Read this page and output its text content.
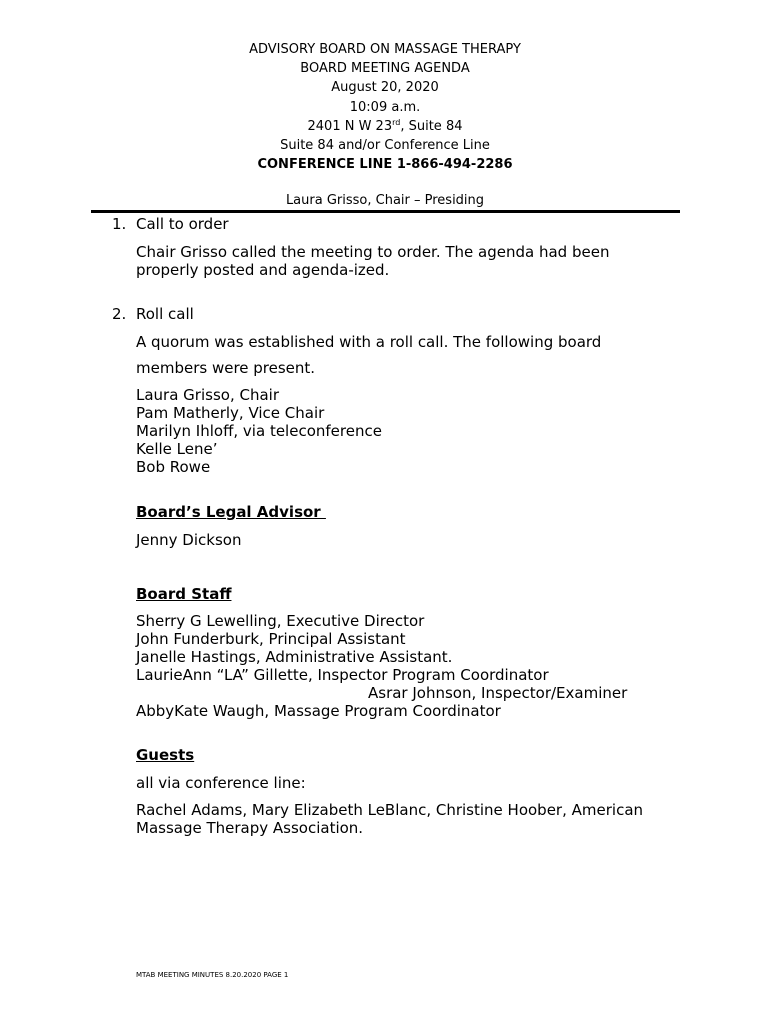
ADVISORY BOARD ON MASSAGE THERAPY
BOARD MEETING AGENDA
August 20, 2020
10:09 a.m.
2401 N W 23rd, Suite 84
Suite 84 and/or Conference Line
CONFERENCE LINE 1-866-494-2286
Laura Grisso, Chair – Presiding
1. Call to order
Chair Grisso called the meeting to order. The agenda had been
properly posted and agenda-ized.
2. Roll call
A quorum was established with a roll call. The following board
members were present.
Laura Grisso, Chair
Pam Matherly, Vice Chair
Marilyn Ihloff, via teleconference
Kelle Lene’
Bob Rowe
Board’s Legal Advisor
Jenny Dickson
Board Staff
Sherry G Lewelling, Executive Director
John Funderburk, Principal Assistant
Janelle Hastings, Administrative Assistant.
LaurieAnn “LA” Gillette, Inspector Program Coordinator
Asrar Johnson, Inspector/Examiner
AbbyKate Waugh, Massage Program Coordinator
Guests
all via conference line:
Rachel Adams, Mary Elizabeth LeBlanc, Christine Hoober, American
Massage Therapy Association.
MTAB MEETING MINUTES 8.20.2020 PAGE 1
